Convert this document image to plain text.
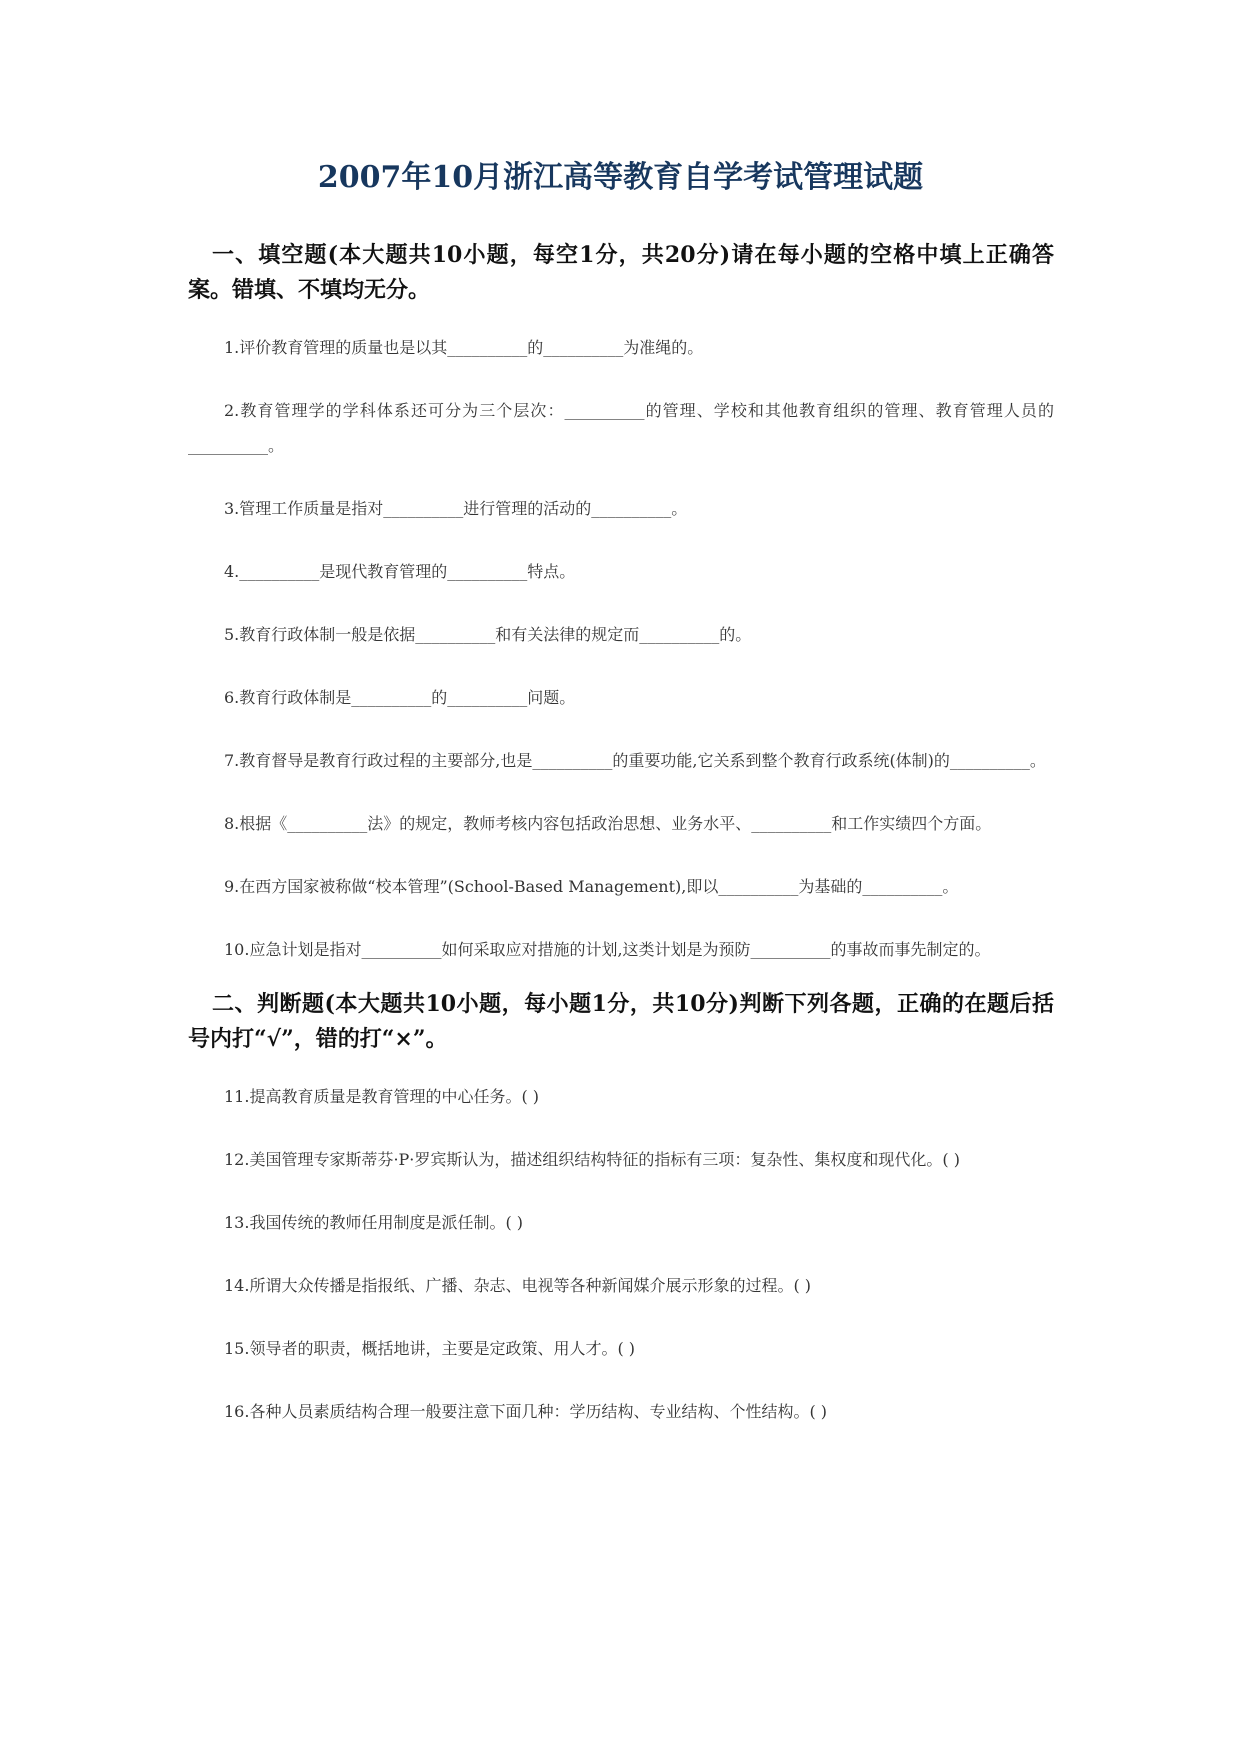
2007年10月浙江高等教育自学考试管理试题

一、填空题(本大题共10小题，每空1分，共20分)请在每小题的空格中填上正确答案。错填、不填均无分。

1.评价教育管理的质量也是以其__________的__________为准绳的。

2.教育管理学的学科体系还可分为三个层次：__________的管理、学校和其他教育组织的管理、教育管理人员的__________。

3.管理工作质量是指对__________进行管理的活动的__________。

4.__________是现代教育管理的__________特点。

5.教育行政体制一般是依据__________和有关法律的规定而__________的。

6.教育行政体制是__________的__________问题。

7.教育督导是教育行政过程的主要部分,也是__________的重要功能,它关系到整个教育行政系统(体制)的__________。

8.根据《__________法》的规定，教师考核内容包括政治思想、业务水平、__________和工作实绩四个方面。

9.在西方国家被称做“校本管理”(School-Based Management),即以__________为基础的__________。

10.应急计划是指对__________如何采取应对措施的计划,这类计划是为预防__________的事故而事先制定的。

二、判断题(本大题共10小题，每小题1分，共10分)判断下列各题，正确的在题后括号内打“√”，错的打“×”。

11.提高教育质量是教育管理的中心任务。( )

12.美国管理专家斯蒂芬·P·罗宾斯认为，描述组织结构特征的指标有三项：复杂性、集权度和现代化。( )

13.我国传统的教师任用制度是派任制。( )

14.所谓大众传播是指报纸、广播、杂志、电视等各种新闻媒介展示形象的过程。( )

15.领导者的职责，概括地讲，主要是定政策、用人才。( )

16.各种人员素质结构合理一般要注意下面几种：学历结构、专业结构、个性结构。( )
